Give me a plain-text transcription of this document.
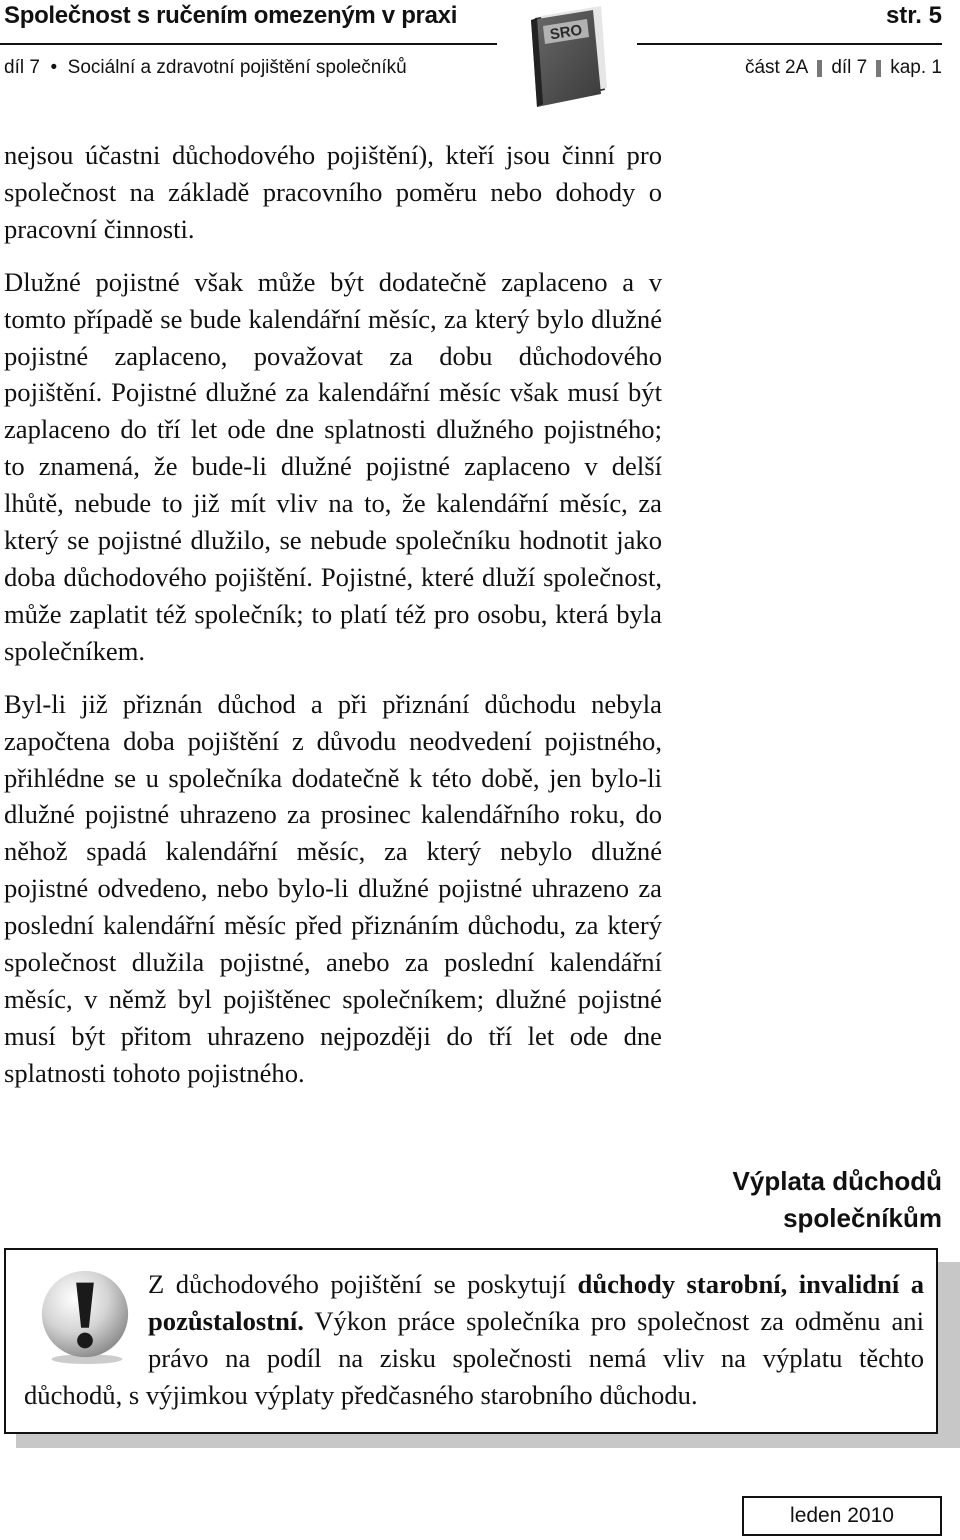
Společnost s ručením omezeným v praxi	str. 5
díl 7  •  Sociální a zdravotní pojištění společníků	část 2A díl 7 kap. 1
SRO

nejsou účastni důchodového pojištění), kteří jsou činní pro společnost na základě pracovního poměru nebo dohody o pracovní činnosti.

Dlužné pojistné však může být dodatečně zaplaceno a v tomto případě se bude kalendářní měsíc, za který bylo dlužné pojistné zaplaceno, považovat za dobu důchodového pojištění. Pojistné dlužné za kalendářní měsíc však musí být zaplaceno do tří let ode dne splatnosti dlužného pojistného; to znamená, že bude-li dlužné pojistné zaplaceno v delší lhůtě, nebude to již mít vliv na to, že kalendářní měsíc, za který se pojistné dlužilo, se nebude společníku hodnotit jako doba důchodového pojištění. Pojistné, které dluží společnost, může zaplatit též společník; to platí též pro osobu, která byla společníkem.

Byl-li již přiznán důchod a při přiznání důchodu nebyla započtena doba pojištění z důvodu neodvedení pojistného, přihlédne se u společníka dodatečně k této době, jen bylo-li dlužné pojistné uhrazeno za prosinec kalendářního roku, do něhož spadá kalendářní měsíc, za který nebylo dlužné pojistné odvedeno, nebo bylo-li dlužné pojistné uhrazeno za poslední kalendářní měsíc před přiznáním důchodu, za který společnost dlužila pojistné, anebo za poslední kalendářní měsíc, v němž byl pojištěnec společníkem; dlužné pojistné musí být přitom uhrazeno nejpozději do tří let ode dne splatnosti tohoto pojistného.

Výplata důchodů
společníkům
Z důchodového pojištění se poskytují důchody starobní, invalidní a pozůstalostní. Výkon práce společníka pro společnost za odměnu ani právo na podíl na zisku společnosti nemá vliv na výplatu těchto důchodů, s výjimkou výplaty předčasného starobního důchodu.
leden 2010
